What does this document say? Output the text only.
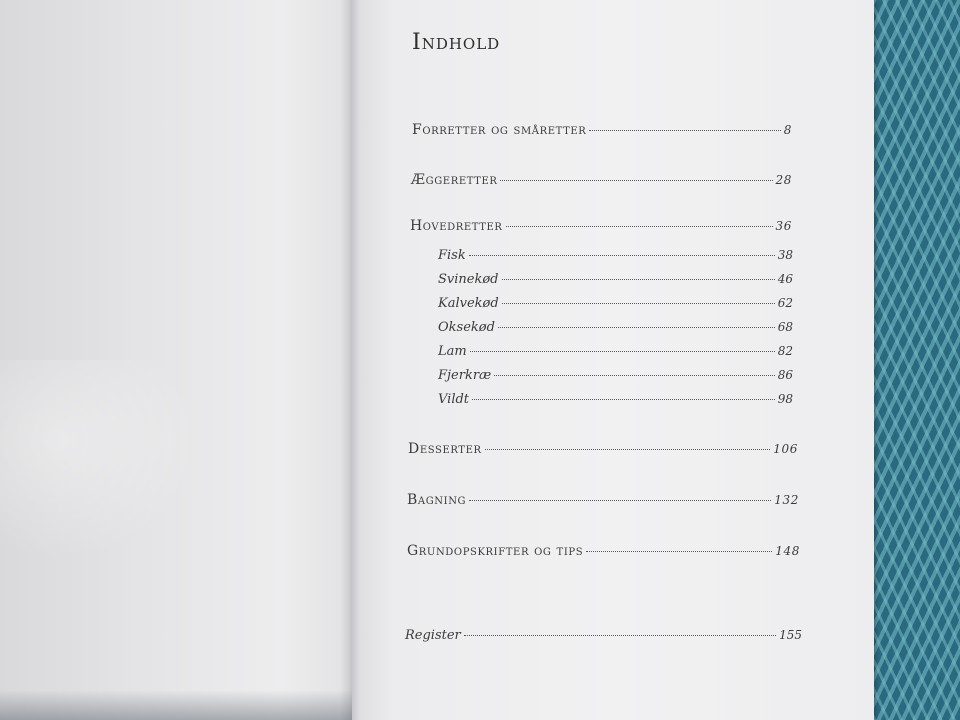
Indhold
Forretter og småretter	8
Æggeretter	28
Hovedretter	36
Fisk	38
Svinekød	46
Kalvekød	62
Oksekød	68
Lam	82
Fjerkræ	86
Vildt	98
Desserter	106
Bagning	132
Grundopskrifter og tips	148
Register	155
